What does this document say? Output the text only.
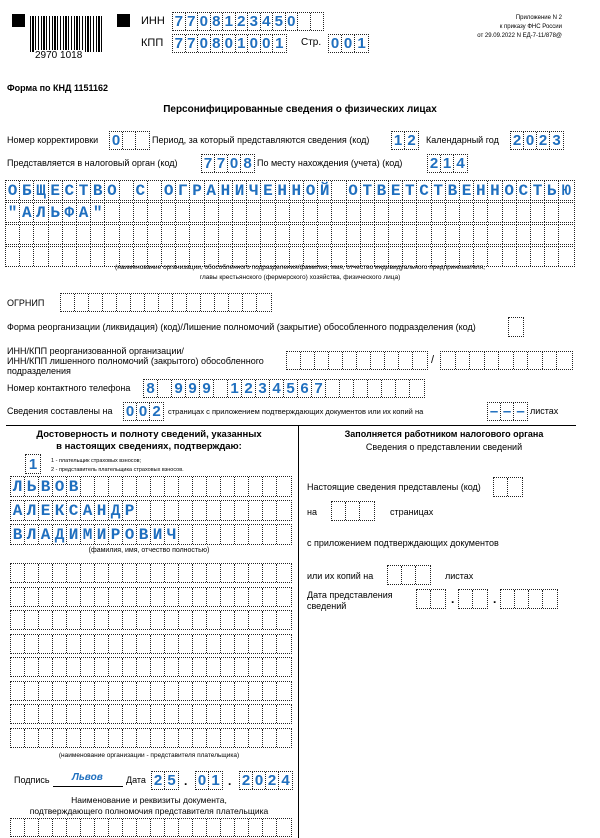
2970 1018
ИНН 7 7 0 8 1 2 3 4 5 0
КПП 7 7 0 8 0 1 0 0 1 Стр. 0 0 1
Приложение N 2
к приказу ФНС России
от 29.09.2022 N ЕД-7-11/878@
Форма по КНД 1151162
Персонифицированные сведения о физических лицах
Номер корректировки 0	Период, за который представляются сведения (код) 1 2 Календарный год 2 0 2 3
Представляется в налоговый орган (код) 7 7 0 8 По месту нахождения (учета) (код) 2 1 4
О Б Щ Е С Т В О С О Г Р А Н И Ч Е Н Н О Й О Т В Е Т С Т В Е Н Н О С Т Ь Ю
" А Л Ь Ф А "
(наименование организации, обособленного подразделения/фамилия, имя, отчество индивидуального предпринимателя,
главы крестьянского (фермерского) хозяйства, физического лица)
ОГРНИП
Форма реорганизации (ликвидация) (код)/Лишение полномочий (закрытие) обособленного подразделения (код)
ИНН/КПП реорганизованной организации/
ИНН/КПП лишенного полномочий (закрытого) обособленного
подразделения
/
Номер контактного телефона 8 9 9 9 1 2 3 4 5 6 7
Сведения составлены на 0 0 2 страницах с приложением подтверждающих документов или их копий на	– – – листах
Достоверность и полноту сведений, указанных
в настоящих сведениях, подтверждаю:
1	1 - плательщик страховых взносов;
2 - представитель плательщика страховых взносов.
Л Ь В О В
А Л Е К С А Н Д Р
В Л А Д И М И Р О В И Ч
(фамилия, имя, отчество полностью)
(наименование организации - представителя плательщика)
Подпись Львов	Дата 2 5 . 0 1 . 2 0 2 4
Наименование и реквизиты документа,
подтверждающего полномочия представителя плательщика
Заполняется работником налогового органа
Сведения о представлении сведений
Настоящие сведения представлены (код)
на	страницах
с приложением подтверждающих документов
или их копий на	листах
Дата представления
сведений	.	.
